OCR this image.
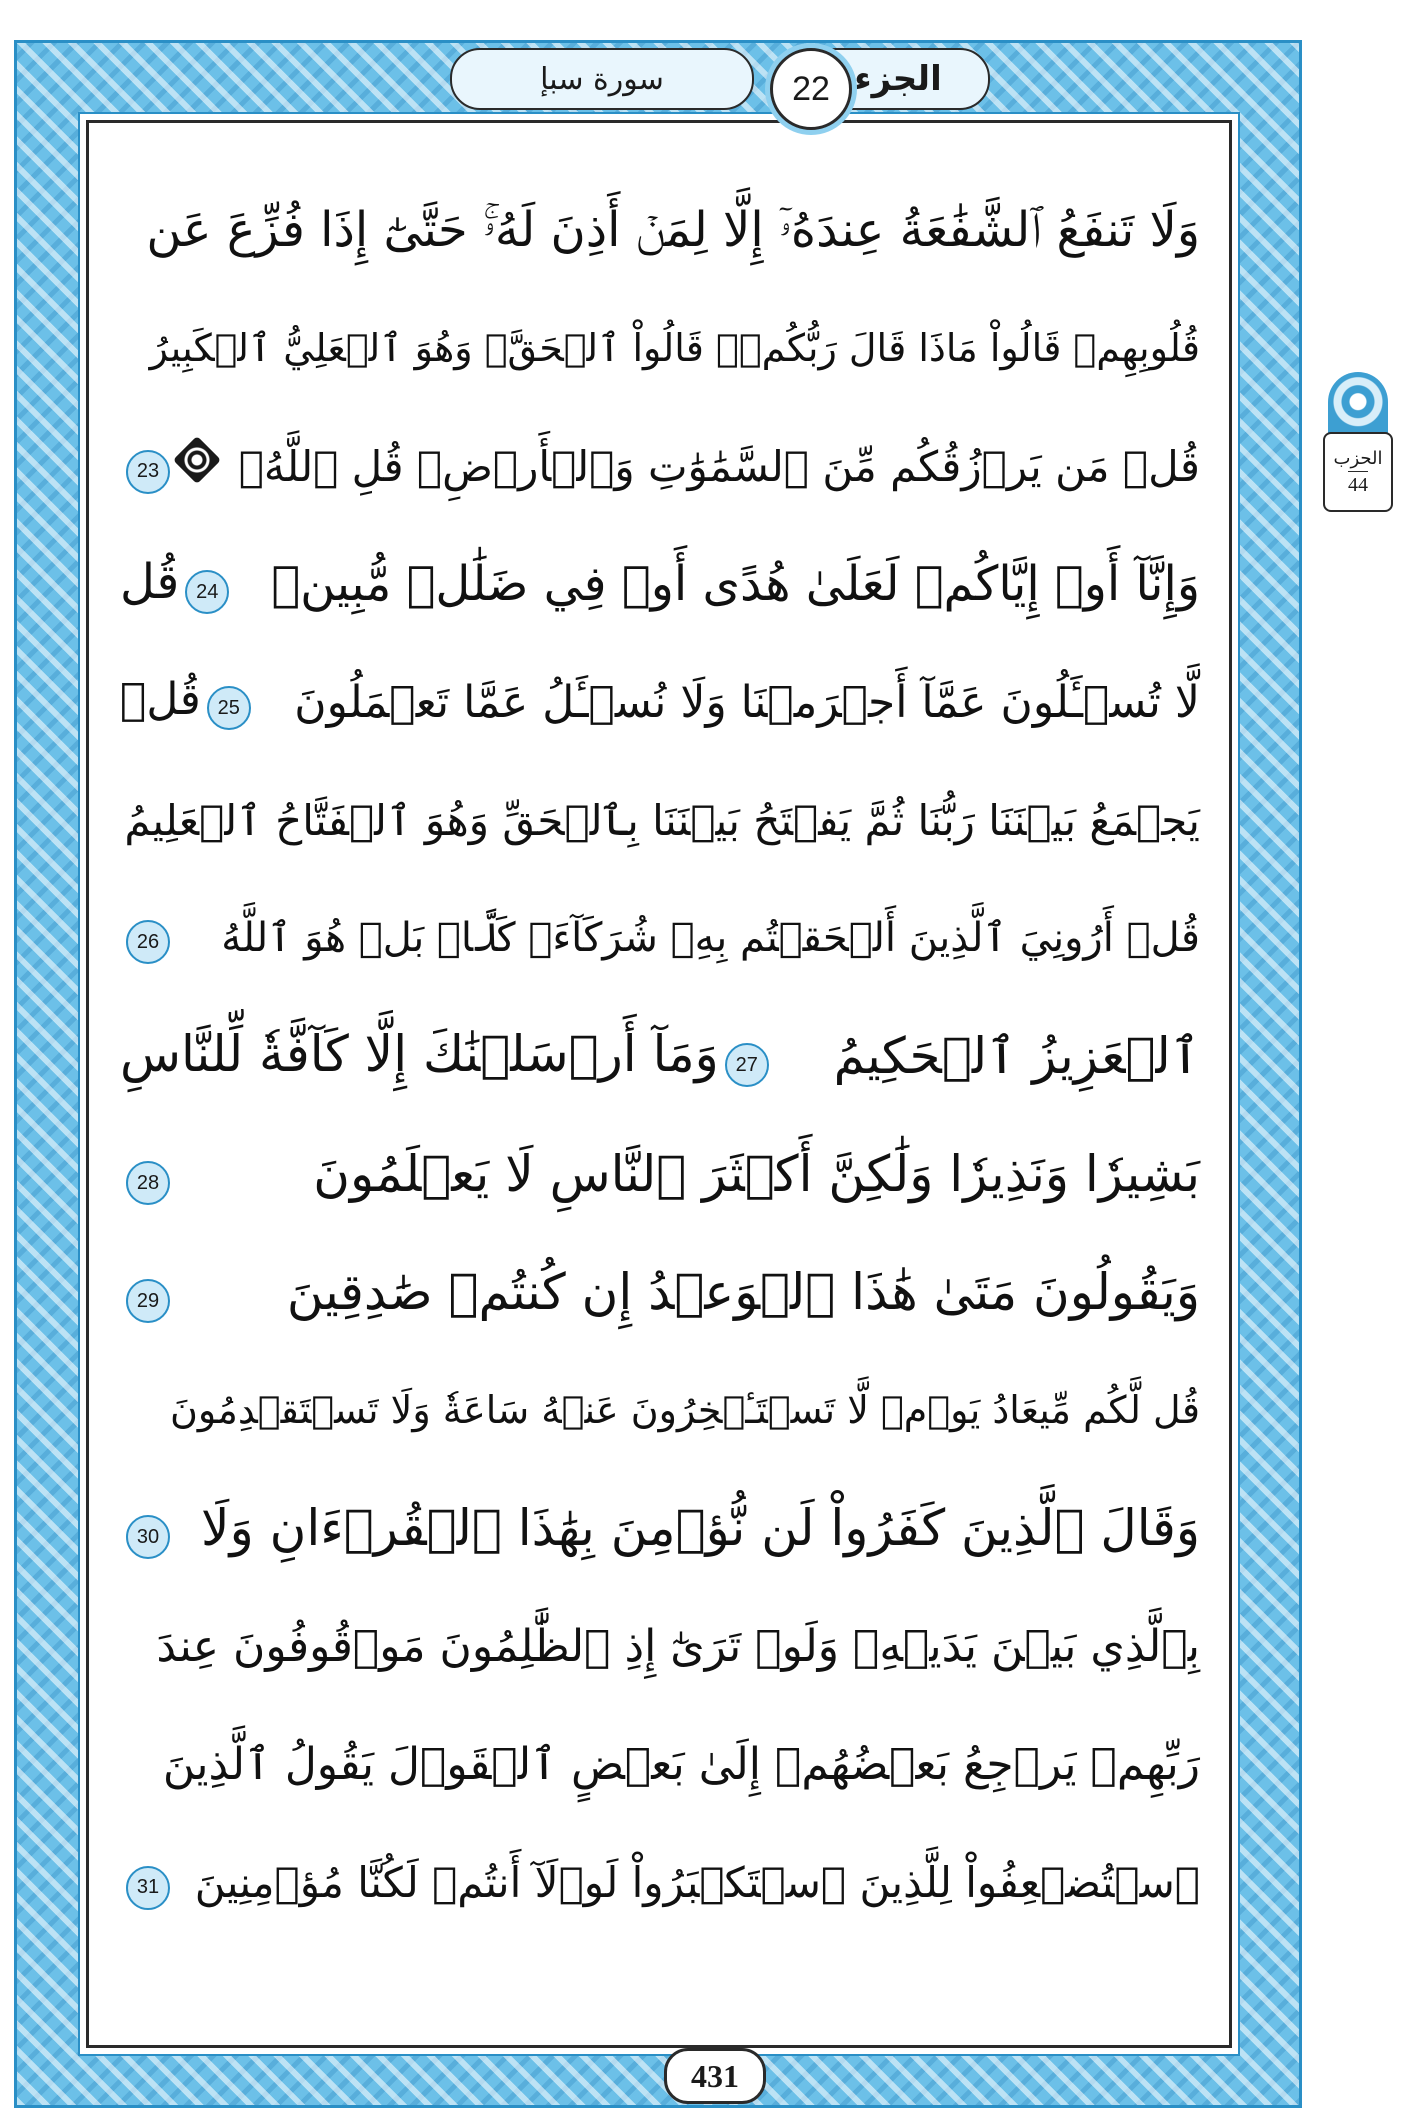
سورة سبإ	الجزء
22
الحزب
44
وَلَا تَنفَعُ ٱلشَّفَٰعَةُ عِندَهُۥٓ إِلَّا لِمَنۡ أَذِنَ لَهُۥۚ حَتَّىٰٓ إِذَا فُزِّعَ عَن
قُلُوبِهِمۡ قَالُواْ مَاذَا قَالَ رَبُّكُمۡۖ قَالُواْ ٱلۡحَقَّۖ وَهُوَ ٱلۡعَلِيُّ ٱلۡكَبِيرُ
قُلۡ مَن يَرۡزُقُكُم مِّنَ ٱلسَّمَٰوَٰتِ وَٱلۡأَرۡضِۖ قُلِ ٱللَّهُۖ
23
وَإِنَّآ أَوۡ إِيَّاكُمۡ لَعَلَىٰ هُدًى أَوۡ فِي ضَلَٰلٖ مُّبِينٖ
24قُل
لَّا تُسۡـَٔلُونَ عَمَّآ أَجۡرَمۡنَا وَلَا نُسۡـَٔلُ عَمَّا تَعۡمَلُونَ
25قُلۡ
يَجۡمَعُ بَيۡنَنَا رَبُّنَا ثُمَّ يَفۡتَحُ بَيۡنَنَا بِٱلۡحَقِّ وَهُوَ ٱلۡفَتَّاحُ ٱلۡعَلِيمُ
قُلۡ أَرُونِيَ ٱلَّذِينَ أَلۡحَقۡتُم بِهِۦ شُرَكَآءَۖ كَلَّاۚ بَلۡ هُوَ ٱللَّهُ
26
ٱلۡعَزِيزُ ٱلۡحَكِيمُ
27وَمَآ أَرۡسَلۡنَٰكَ إِلَّا كَآفَّةٗ لِّلنَّاسِ
بَشِيرٗا وَنَذِيرٗا وَلَٰكِنَّ أَكۡثَرَ ٱلنَّاسِ لَا يَعۡلَمُونَ
28
وَيَقُولُونَ مَتَىٰ هَٰذَا ٱلۡوَعۡدُ إِن كُنتُمۡ صَٰدِقِينَ
29
قُل لَّكُم مِّيعَادُ يَوۡمٖ لَّا تَسۡتَـٔۡخِرُونَ عَنۡهُ سَاعَةٗ وَلَا تَسۡتَقۡدِمُونَ
وَقَالَ ٱلَّذِينَ كَفَرُواْ لَن نُّؤۡمِنَ بِهَٰذَا ٱلۡقُرۡءَانِ وَلَا
30
بِٱلَّذِي بَيۡنَ يَدَيۡهِۗ وَلَوۡ تَرَىٰٓ إِذِ ٱلظَّٰلِمُونَ مَوۡقُوفُونَ عِندَ
رَبِّهِمۡ يَرۡجِعُ بَعۡضُهُمۡ إِلَىٰ بَعۡضٍ ٱلۡقَوۡلَ يَقُولُ ٱلَّذِينَ
ٱسۡتُضۡعِفُواْ لِلَّذِينَ ٱسۡتَكۡبَرُواْ لَوۡلَآ أَنتُمۡ لَكُنَّا مُؤۡمِنِينَ
31
431
